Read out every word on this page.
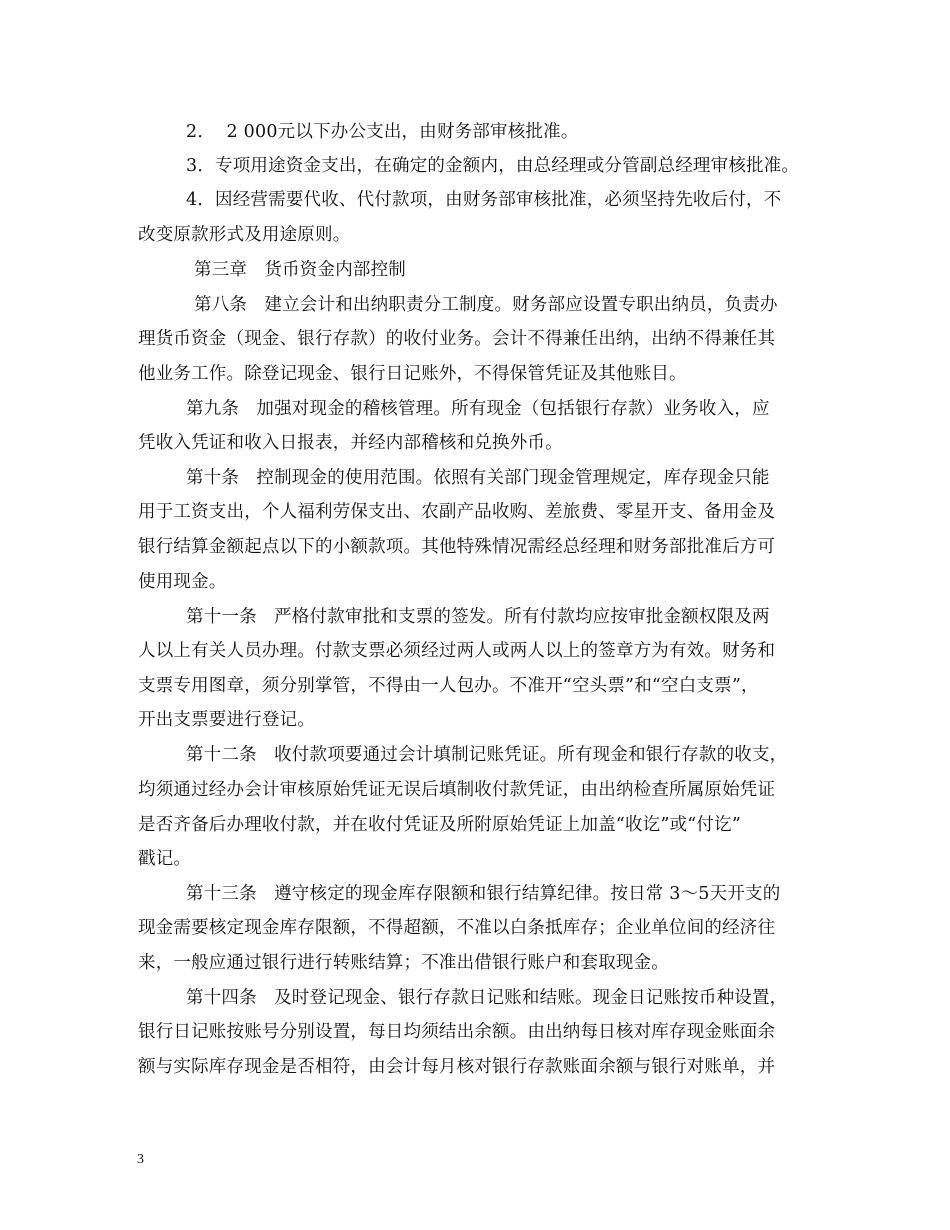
2．  2 000元以下办公支出，由财务部审核批准。
3．专项用途资金支出，在确定的金额内，由总经理或分管副总经理审核批准。
4．因经营需要代收、代付款项，由财务部审核批准，必须坚持先收后付，不
改变原款形式及用途原则。
第三章   货币资金内部控制
第八条   建立会计和出纳职责分工制度。财务部应设置专职出纳员，负责办
理货币资金（现金、银行存款）的收付业务。会计不得兼任出纳，出纳不得兼任其
他业务工作。除登记现金、银行日记账外，不得保管凭证及其他账目。
第九条   加强对现金的稽核管理。所有现金（包括银行存款）业务收入，应
凭收入凭证和收入日报表，并经内部稽核和兑换外币。
第十条   控制现金的使用范围。依照有关部门现金管理规定，库存现金只能
用于工资支出，个人福利劳保支出、农副产品收购、差旅费、零星开支、备用金及
银行结算金额起点以下的小额款项。其他特殊情况需经总经理和财务部批准后方可
使用现金。
第十一条   严格付款审批和支票的签发。所有付款均应按审批金额权限及两
人以上有关人员办理。付款支票必须经过两人或两人以上的签章方为有效。财务和
支票专用图章，须分别掌管，不得由一人包办。不准开“空头票”和“空白支票”，
开出支票要进行登记。
第十二条   收付款项要通过会计填制记账凭证。所有现金和银行存款的收支，
均须通过经办会计审核原始凭证无误后填制收付款凭证，由出纳检查所属原始凭证
是否齐备后办理收付款，并在收付凭证及所附原始凭证上加盖“收讫”或“付讫”
戳记。
第十三条   遵守核定的现金库存限额和银行结算纪律。按日常 3～5天开支的
现金需要核定现金库存限额，不得超额，不准以白条抵库存；企业单位间的经济往
来，一般应通过银行进行转账结算；不准出借银行账户和套取现金。
第十四条   及时登记现金、银行存款日记账和结账。现金日记账按币种设置，
银行日记账按账号分别设置，每日均须结出余额。由出纳每日核对库存现金账面余
额与实际库存现金是否相符，由会计每月核对银行存款账面余额与银行对账单，并
3
